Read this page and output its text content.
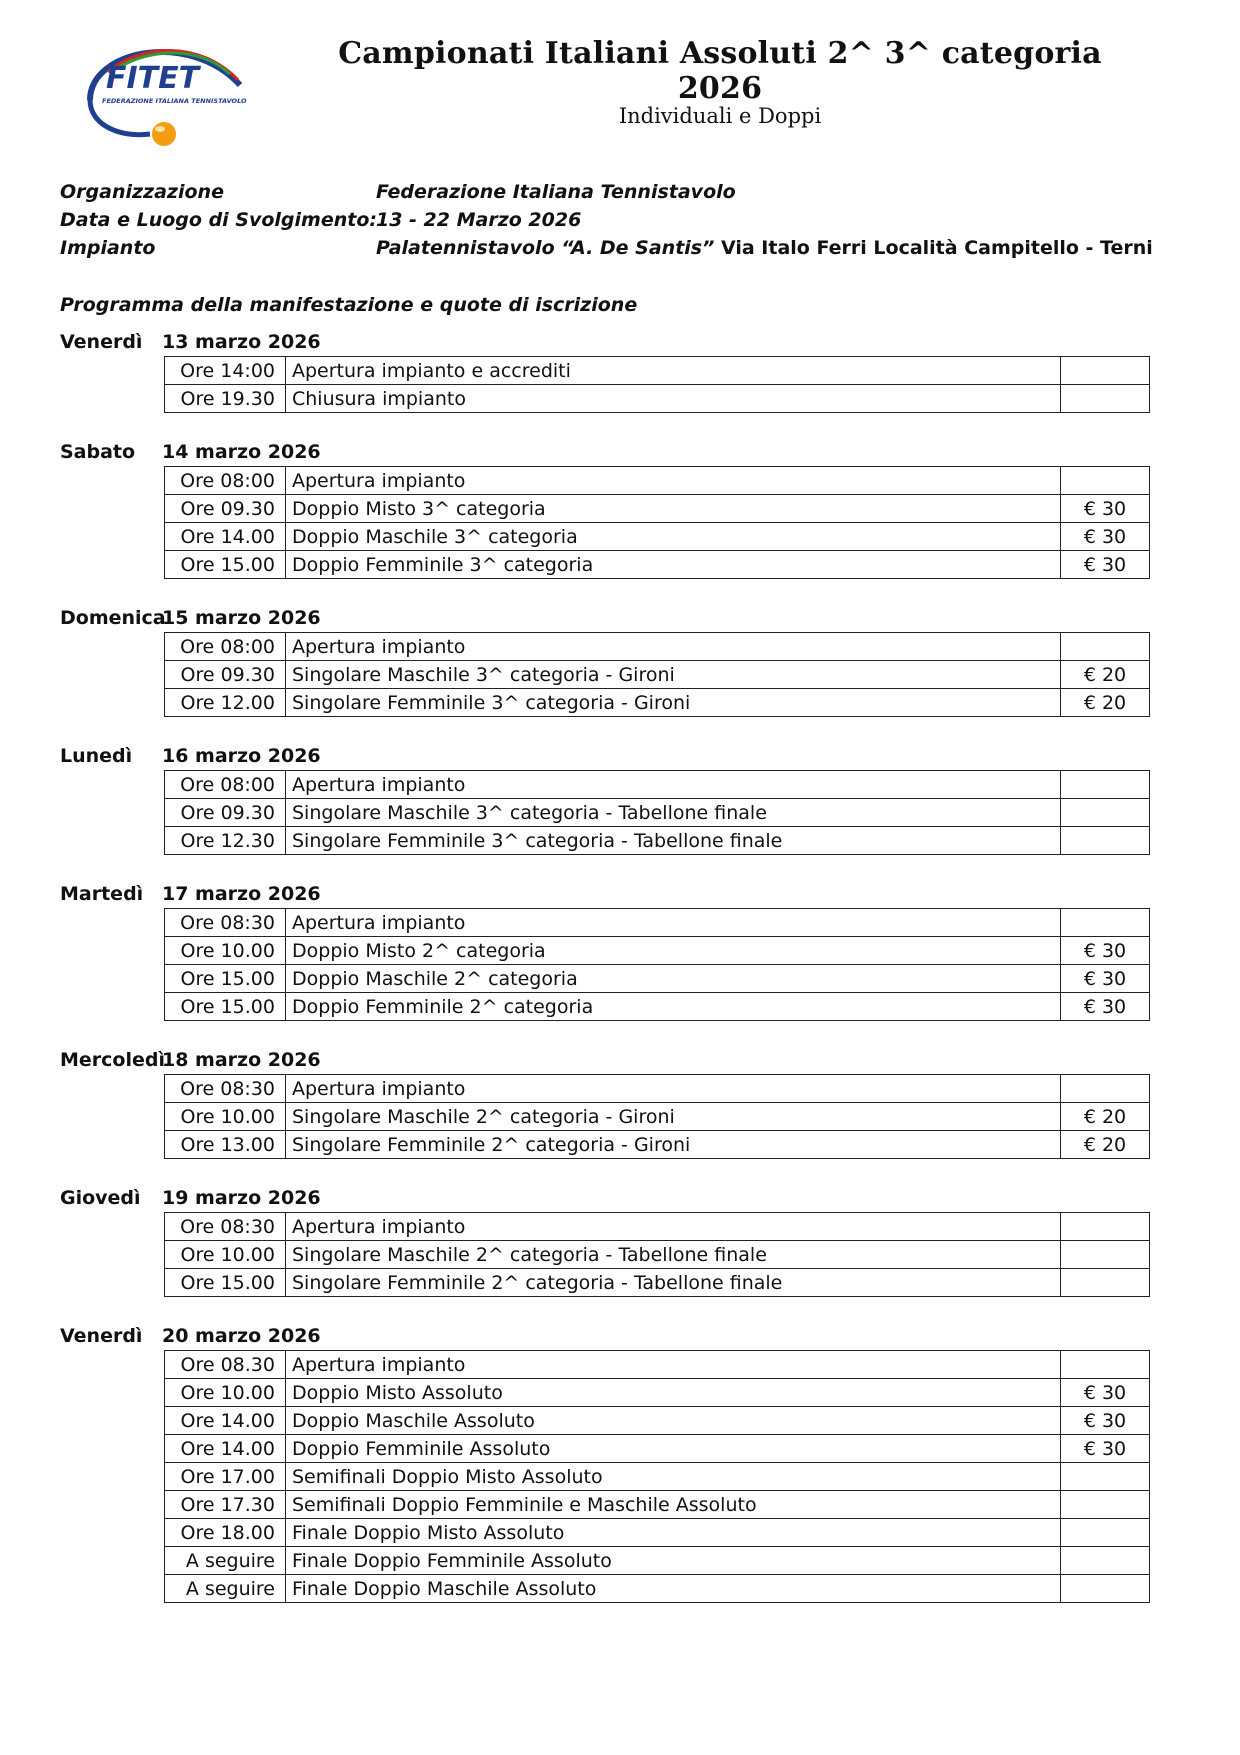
FITET
FEDERAZIONE ITALIANA TENNISTAVOLO
Campionati Italiani Assoluti 2^ 3^ categoria 2026
Individuali e Doppi
Organizzazione	Federazione Italiana Tennistavolo
Data e Luogo di Svolgimento: 13 - 22 Marzo 2026
Impianto	Palatennistavolo “A. De Santis” Via Italo Ferri Località Campitello - Terni
Programma della manifestazione e quote di iscrizione
Venerdì 13 marzo 2026
Ore 14:00	Apertura impianto e accrediti	
Ore 19.30	Chiusura impianto	
Sabato 14 marzo 2026
Ore 08:00	Apertura impianto	
Ore 09.30	Doppio Misto 3^ categoria	€ 30
Ore 14.00	Doppio Maschile 3^ categoria	€ 30
Ore 15.00	Doppio Femminile 3^ categoria	€ 30
Domenica
15 marzo 2026
Ore 08:00	Apertura impianto	
Ore 09.30	Singolare Maschile 3^ categoria - Gironi	€ 20
Ore 12.00	Singolare Femminile 3^ categoria - Gironi	€ 20
Lunedì 16 marzo 2026
Ore 08:00	Apertura impianto	
Ore 09.30	Singolare Maschile 3^ categoria - Tabellone finale	
Ore 12.30	Singolare Femminile 3^ categoria - Tabellone finale	
Martedì 17 marzo 2026
Ore 08:30	Apertura impianto	
Ore 10.00	Doppio Misto 2^ categoria	€ 30
Ore 15.00	Doppio Maschile 2^ categoria	€ 30
Ore 15.00	Doppio Femminile 2^ categoria	€ 30
Mercoledì
18 marzo 2026
Ore 08:30	Apertura impianto	
Ore 10.00	Singolare Maschile 2^ categoria - Gironi	€ 20
Ore 13.00	Singolare Femminile 2^ categoria - Gironi	€ 20
Giovedì 19 marzo 2026
Ore 08:30	Apertura impianto	
Ore 10.00	Singolare Maschile 2^ categoria - Tabellone finale	
Ore 15.00	Singolare Femminile 2^ categoria - Tabellone finale	
Venerdì 20 marzo 2026
Ore 08.30	Apertura impianto	
Ore 10.00	Doppio Misto Assoluto	€ 30
Ore 14.00	Doppio Maschile Assoluto	€ 30
Ore 14.00	Doppio Femminile Assoluto	€ 30
Ore 17.00	Semifinali Doppio Misto Assoluto	
Ore 17.30	Semifinali Doppio Femminile e Maschile Assoluto	
Ore 18.00	Finale Doppio Misto Assoluto	
A seguire	Finale Doppio Femminile Assoluto	
A seguire	Finale Doppio Maschile Assoluto	
